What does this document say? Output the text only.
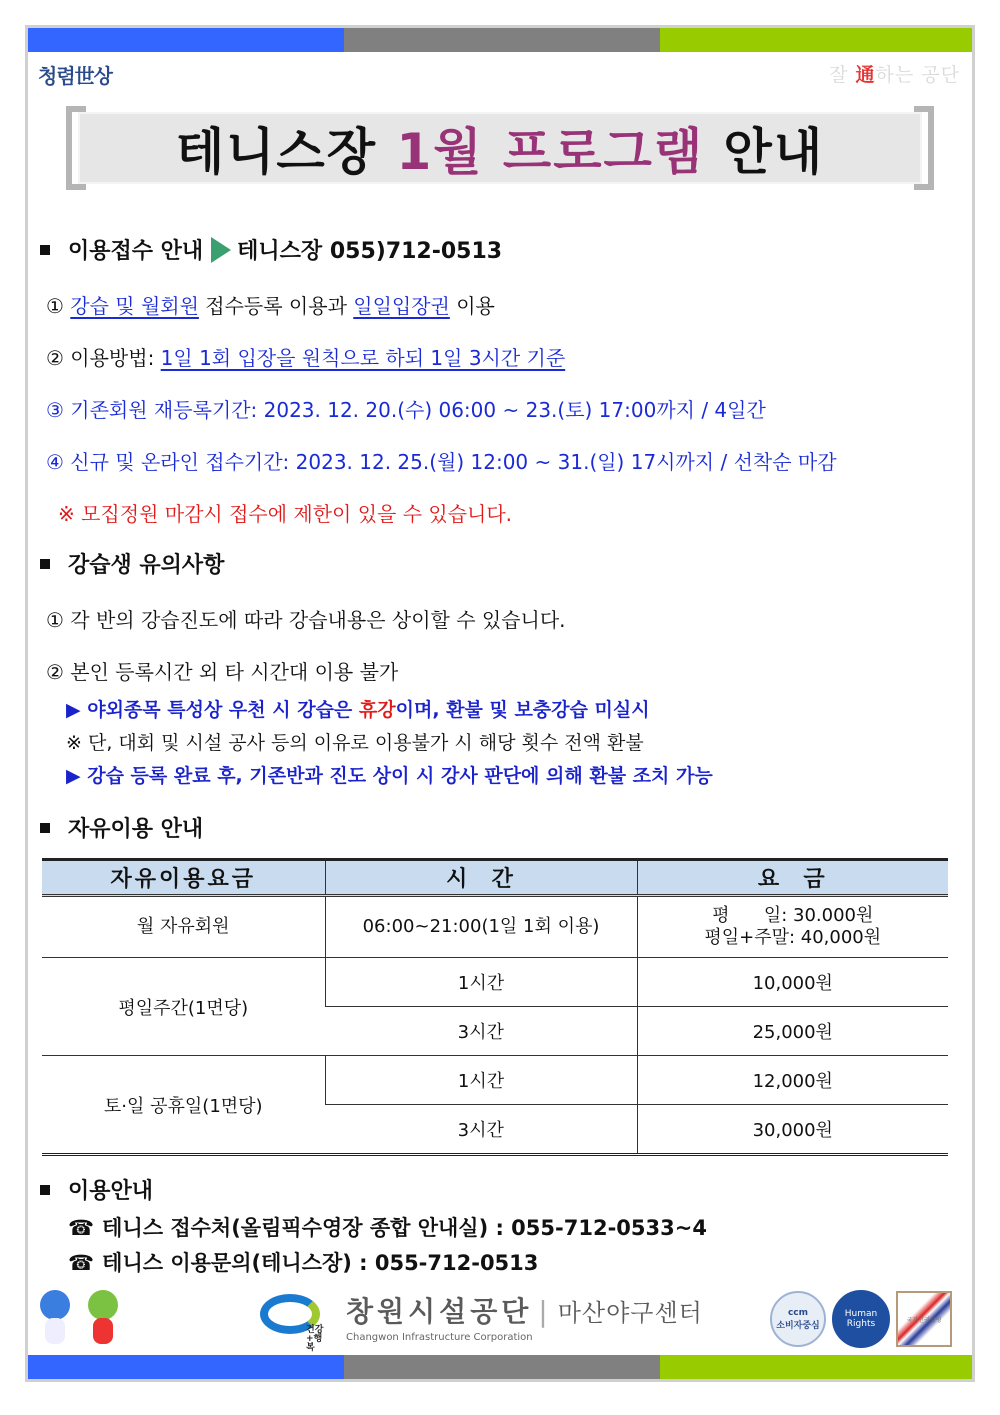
청렴世상	잘 通하는 공단
테니스장 1월 프로그램 안내
이용접수 안내 테니스장 055)712-0513
① 강습 및 월회원 접수등록 이용과 일일입장권 이용
② 이용방법: 1일 1회 입장을 원칙으로 하되 1일 3시간 기준
③ 기존회원 재등록기간: 2023. 12. 20.(수) 06:00 ~ 23.(토) 17:00까지 / 4일간
④ 신규 및 온라인 접수기간: 2023. 12. 25.(월) 12:00 ~ 31.(일) 17시까지 / 선착순 마감
※ 모집정원 마감시 접수에 제한이 있을 수 있습니다.
강습생 유의사항
① 각 반의 강습진도에 따라 강습내용은 상이할 수 있습니다.
② 본인 등록시간 외 타 시간대 이용 불가
▶ 야외종목 특성상 우천 시 강습은 휴강이며, 환불 및 보충강습 미실시
※ 단, 대회 및 시설 공사 등의 이유로 이용불가 시 해당 횟수 전액 환불
▶ 강습 등록 완료 후, 기존반과 진도 상이 시 강사 판단에 의해 환불 조치 가능
자유이용 안내
자유이용요금	시  간	요  금
월 자유회원	06:00~21:00(1일 1회 이용)	평      일: 30.000원
평일+주말: 40,000원

평일주간(1면당)	1시간	10,000원
	3시간	25,000원
토·일 공휴일(1면당)	1시간	12,000원
	3시간	30,000원
이용안내
☎ 테니스 접수처(올림픽수영장 종합 안내실) : 055-712-0533~4
☎ 테니스 이용문의(테니스장) : 055-712-0513
건강
+행복
창원시설공단 | 마산야구센터
Changwon Infrastructure Corporation
ccm
소비자중심
Human Rights	국가인권경영
